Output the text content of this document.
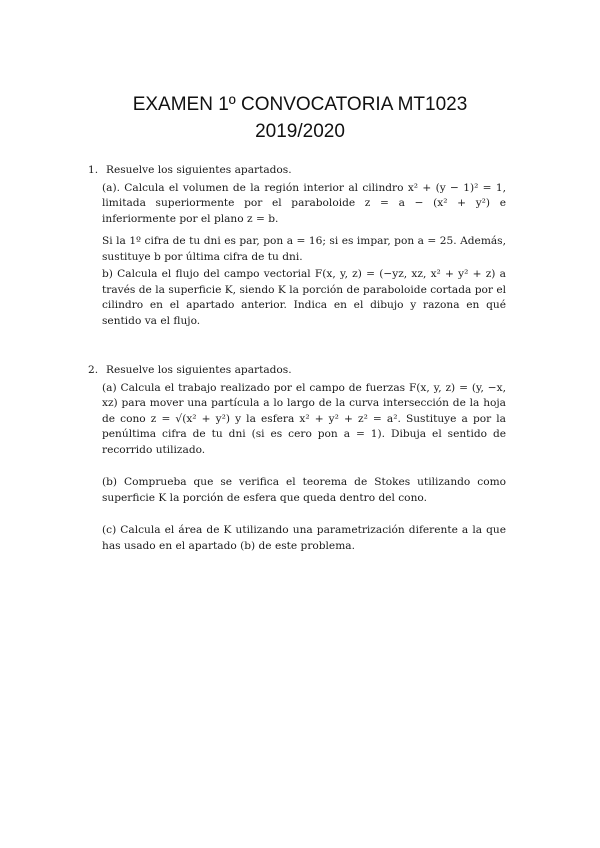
EXAMEN 1º CONVOCATORIA MT1023
2019/2020
1. Resuelve los siguientes apartados.
(a). Calcula el volumen de la región interior al cilindro x² + (y − 1)² = 1, limitada superiormente por el paraboloide z = a − (x² + y²) e inferiormente por el plano z = b.
Si la 1º cifra de tu dni es par, pon a = 16; si es impar, pon a = 25. Además, sustituye b por última cifra de tu dni.
b) Calcula el flujo del campo vectorial F(x, y, z) = (−yz, xz, x² + y² + z) a través de la superficie K, siendo K la porción de paraboloide cortada por el cilindro en el apartado anterior. Indica en el dibujo y razona en qué sentido va el flujo.
2. Resuelve los siguientes apartados.
(a) Calcula el trabajo realizado por el campo de fuerzas F(x, y, z) = (y, −x, xz) para mover una partícula a lo largo de la curva intersección de la hoja de cono z = √(x² + y²) y la esfera x² + y² + z² = a². Sustituye a por la penúltima cifra de tu dni (si es cero pon a = 1). Dibuja el sentido de recorrido utilizado.
(b) Comprueba que se verifica el teorema de Stokes utilizando como superficie K la porción de esfera que queda dentro del cono.
(c) Calcula el área de K utilizando una parametrización diferente a la que has usado en el apartado (b) de este problema.
